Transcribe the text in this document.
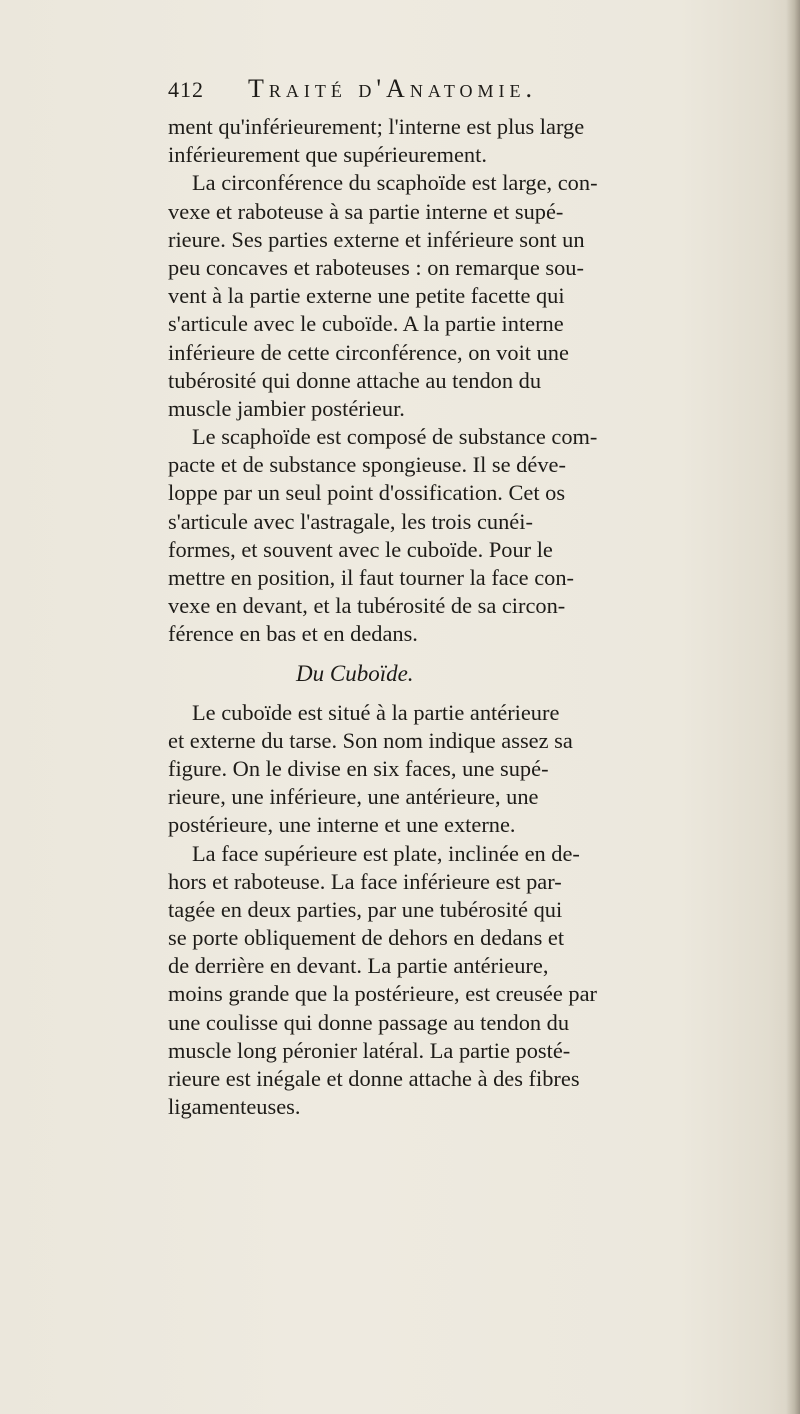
412 Traité d'Anatomie.
ment qu'inférieurement; l'interne est plus large
inférieurement que supérieurement.
La circonférence du scaphoïde est large, con-
vexe et raboteuse à sa partie interne et supé-
rieure. Ses parties externe et inférieure sont un
peu concaves et raboteuses : on remarque sou-
vent à la partie externe une petite facette qui
s'articule avec le cuboïde. A la partie interne
inférieure de cette circonférence, on voit une
tubérosité qui donne attache au tendon du
muscle jambier postérieur.
Le scaphoïde est composé de substance com-
pacte et de substance spongieuse. Il se déve-
loppe par un seul point d'ossification. Cet os
s'articule avec l'astragale, les trois cunéi-
formes, et souvent avec le cuboïde. Pour le
mettre en position, il faut tourner la face con-
vexe en devant, et la tubérosité de sa circon-
férence en bas et en dedans.
Du Cuboïde.
Le cuboïde est situé à la partie antérieure
et externe du tarse. Son nom indique assez sa
figure. On le divise en six faces, une supé-
rieure, une inférieure, une antérieure, une
postérieure, une interne et une externe.
La face supérieure est plate, inclinée en de-
hors et raboteuse. La face inférieure est par-
tagée en deux parties, par une tubérosité qui
se porte obliquement de dehors en dedans et
de derrière en devant. La partie antérieure,
moins grande que la postérieure, est creusée par
une coulisse qui donne passage au tendon du
muscle long péronier latéral. La partie posté-
rieure est inégale et donne attache à des fibres
ligamenteuses.
